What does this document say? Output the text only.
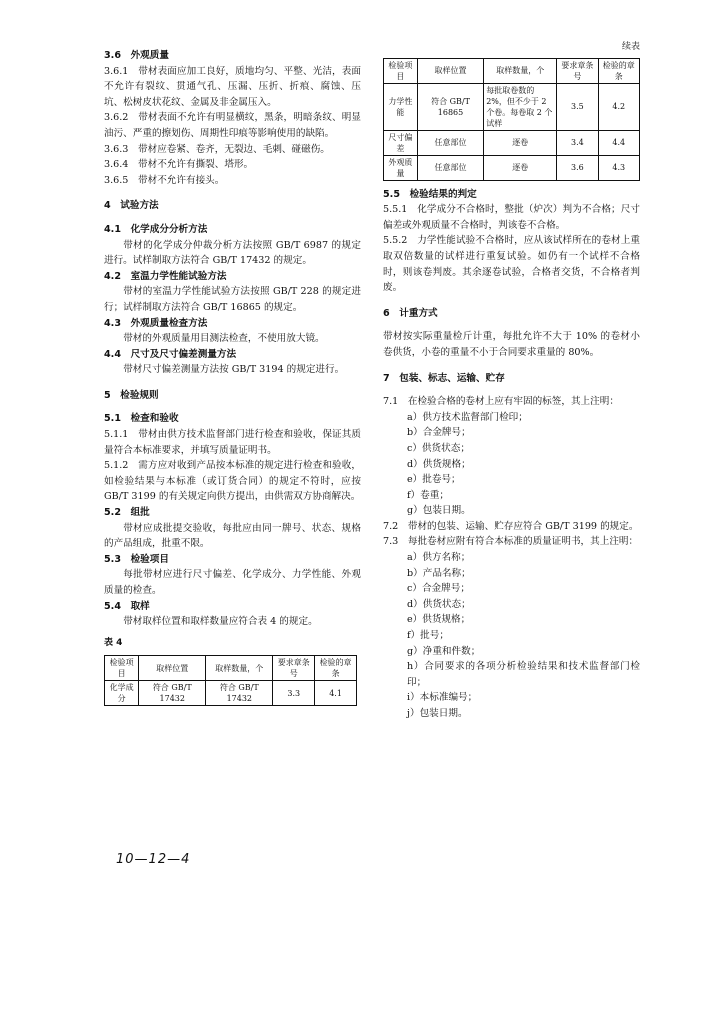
3.6　外观质量

3.6.1　带材表面应加工良好，质地均匀、平整、光洁，表面不允许有裂纹、贯通气孔、压漏、压折、折痕、腐蚀、压坑、松树皮状花纹、金属及非金属压入。

3.6.2　带材表面不允许有明显横纹，黑条，明暗条纹、明显油污、严重的擦划伤、周期性印痕等影响使用的缺陷。

3.6.3　带材应卷紧、卷齐，无裂边、毛刺、碰磁伤。

3.6.4　带材不允许有撕裂、塔形。

3.6.5　带材不允许有接头。

4　试验方法

4.1　化学成分分析方法

带材的化学成分仲裁分析方法按照 GB/T 6987 的规定进行。试样制取方法符合 GB/T 17432 的规定。

4.2　室温力学性能试验方法

带材的室温力学性能试验方法按照 GB/T 228 的规定进行；试样制取方法符合 GB/T 16865 的规定。

4.3　外观质量检查方法

带材的外观质量用目测法检查，不使用放大镜。

4.4　尺寸及尺寸偏差测量方法

带材尺寸偏差测量方法按 GB/T 3194 的规定进行。

5　检验规则

5.1　检查和验收

5.1.1　带材由供方技术监督部门进行检查和验收，保证其质量符合本标准要求，并填写质量证明书。

5.1.2　需方应对收到产品按本标准的规定进行检查和验收，如检验结果与本标准（或订货合同）的规定不符时，应按 GB/T 3199 的有关规定向供方提出，由供需双方协商解决。

5.2　组批

带材应成批提交验收，每批应由同一牌号、状态、规格的产品组成，批重不限。

5.3　检验项目

每批带材应进行尺寸偏差、化学成分、力学性能、外观质量的检查。

5.4　取样

带材取样位置和取样数量应符合表 4 的规定。

表 4
检验项目	取样位置	取样数量，个	要求章条号	检验的章条
化学成分	符合 GB/T 17432	符合 GB/T 17432	3.3	4.1
续表
检验项目	取样位置	取样数量，个	要求章条号	检验的章条
力学性能	符合 GB/T 16865	每批取卷数的 2%，但不少于 2 个卷。每卷取 2 个试样	3.5	4.2
尺寸偏差	任意部位	逐卷	3.4	4.4
外观质量	任意部位	逐卷	3.6	4.3

5.5　检验结果的判定

5.5.1　化学成分不合格时，整批（炉次）判为不合格；尺寸偏差或外观质量不合格时，判该卷不合格。

5.5.2　力学性能试验不合格时，应从该试样所在的卷材上重取双倍数量的试样进行重复试验。如仍有一个试样不合格时，则该卷判废。其余逐卷试验，合格者交货，不合格者判废。

6　计重方式

带材按实际重量检斤计重，每批允许不大于 10% 的卷材小卷供货，小卷的重量不小于合同要求重量的 80%。

7　包装、标志、运输、贮存

7.1　在检验合格的卷材上应有牢固的标签，其上注明：

a）供方技术监督部门检印；

b）合金牌号；

c）供货状态；

d）供货规格；

e）批卷号；

f）卷重；

g）包装日期。

7.2　带材的包装、运输、贮存应符合 GB/T 3199 的规定。

7.3　每批卷材应附有符合本标准的质量证明书，其上注明：

a）供方名称；

b）产品名称；

c）合金牌号；

d）供货状态；

e）供货规格；

f）批号；

g）净重和件数；

h）合同要求的各项分析检验结果和技术监督部门检印；

i）本标准编号；

j）包装日期。

10—12—4
